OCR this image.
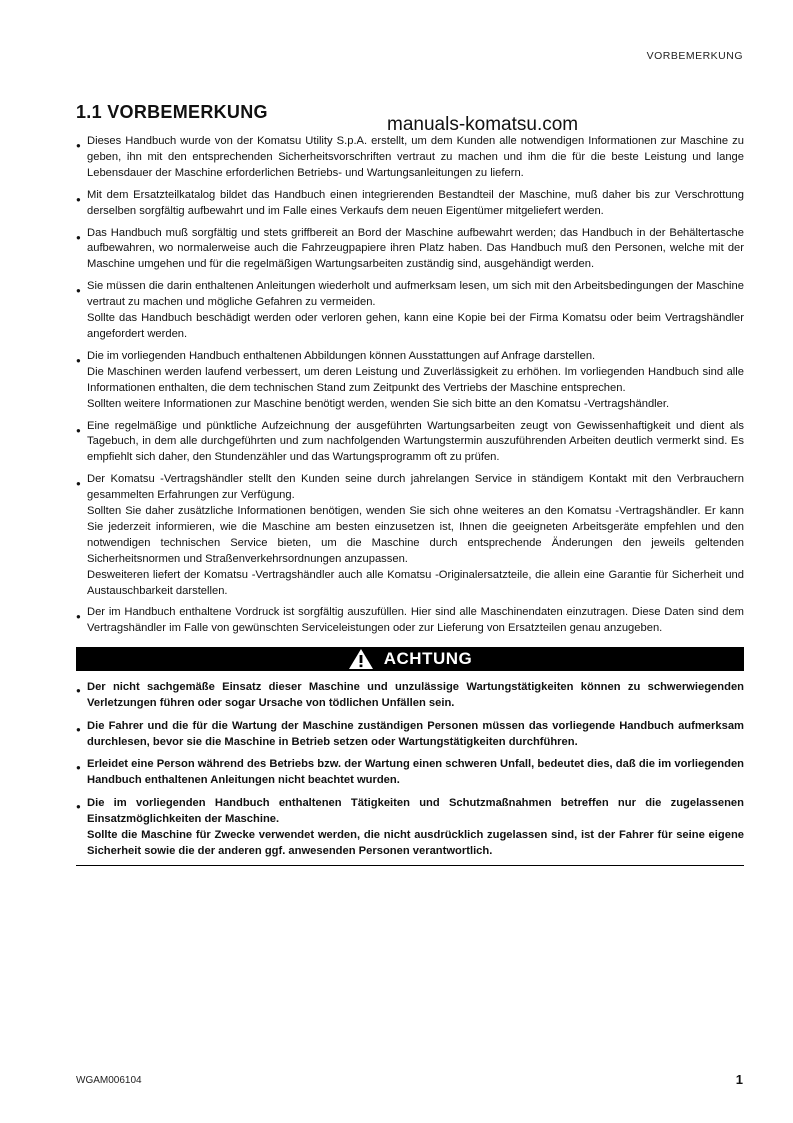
VORBEMERKUNG
1.1 VORBEMERKUNG
manuals-komatsu.com
● Dieses Handbuch wurde von der Komatsu Utility S.p.A. erstellt, um dem Kunden alle notwendigen Informationen zur Maschine zu geben, ihn mit den entsprechenden Sicherheitsvorschriften vertraut zu machen und ihm die für die beste Leistung und lange Lebensdauer der Maschine erforderlichen Betriebs- und Wartungsanleitungen zu liefern.
● Mit dem Ersatzteilkatalog bildet das Handbuch einen integrierenden Bestandteil der Maschine, muß daher bis zur Verschrottung derselben sorgfältig aufbewahrt und im Falle eines Verkaufs dem neuen Eigentümer mitgeliefert werden.
● Das Handbuch muß sorgfältig und stets griffbereit an Bord der Maschine aufbewahrt werden; das Handbuch in der Behältertasche aufbewahren, wo normalerweise auch die Fahrzeugpapiere ihren Platz haben. Das Handbuch muß den Personen, welche mit der Maschine umgehen und für die regelmäßigen Wartungsarbeiten zuständig sind, ausgehändigt werden.
● Sie müssen die darin enthaltenen Anleitungen wiederholt und aufmerksam lesen, um sich mit den Arbeitsbedingungen der Maschine vertraut zu machen und mögliche Gefahren zu vermeiden.
Sollte das Handbuch beschädigt werden oder verloren gehen, kann eine Kopie bei der Firma Komatsu oder beim Vertragshändler angefordert werden.
● Die im vorliegenden Handbuch enthaltenen Abbildungen können Ausstattungen auf Anfrage darstellen.
Die Maschinen werden laufend verbessert, um deren Leistung und Zuverlässigkeit zu erhöhen. Im vorliegenden Handbuch sind alle Informationen enthalten, die dem technischen Stand zum Zeitpunkt des Vertriebs der Maschine entsprechen.
Sollten weitere Informationen zur Maschine benötigt werden, wenden Sie sich bitte an den Komatsu -Vertragshändler.
● Eine regelmäßige und pünktliche Aufzeichnung der ausgeführten Wartungsarbeiten zeugt von Gewissenhaftigkeit und dient als Tagebuch, in dem alle durchgeführten und zum nachfolgenden Wartungstermin auszuführenden Arbeiten deutlich vermerkt sind. Es empfiehlt sich daher, den Stundenzähler und das Wartungsprogramm oft zu prüfen.
● Der Komatsu -Vertragshändler stellt den Kunden seine durch jahrelangen Service in ständigem Kontakt mit den Verbrauchern gesammelten Erfahrungen zur Verfügung.
Sollten Sie daher zusätzliche Informationen benötigen, wenden Sie sich ohne weiteres an den Komatsu -Vertragshändler. Er kann Sie jederzeit informieren, wie die Maschine am besten einzusetzen ist, Ihnen die geeigneten Arbeitsgeräte empfehlen und den notwendigen technischen Service bieten, um die Maschine durch entsprechende Änderungen den jeweils geltenden Sicherheitsnormen und Straßenverkehrsordnungen anzupassen.
Desweiteren liefert der Komatsu -Vertragshändler auch alle Komatsu -Originalersatzteile, die allein eine Garantie für Sicherheit und Austauschbarkeit darstellen.
● Der im Handbuch enthaltene Vordruck ist sorgfältig auszufüllen. Hier sind alle Maschinendaten einzutragen. Diese Daten sind dem Vertragshändler im Falle von gewünschten Serviceleistungen oder zur Lieferung von Ersatzteilen genau anzugeben.
ACHTUNG
● Der nicht sachgemäße Einsatz dieser Maschine und unzulässige Wartungstätigkeiten können zu schwerwiegenden Verletzungen führen oder sogar Ursache von tödlichen Unfällen sein.
● Die Fahrer und die für die Wartung der Maschine zuständigen Personen müssen das vorliegende Handbuch aufmerksam durchlesen, bevor sie die Maschine in Betrieb setzen oder Wartungstätigkeiten durchführen.
● Erleidet eine Person während des Betriebs bzw. der Wartung einen schweren Unfall, bedeutet dies, daß die im vorliegenden Handbuch enthaltenen Anleitungen nicht beachtet wurden.
● Die im vorliegenden Handbuch enthaltenen Tätigkeiten und Schutzmaßnahmen betreffen nur die zugelassenen Einsatzmöglichkeiten der Maschine.
Sollte die Maschine für Zwecke verwendet werden, die nicht ausdrücklich zugelassen sind, ist der Fahrer für seine eigene Sicherheit sowie die der anderen ggf. anwesenden Personen verantwortlich.
WGAM006104	1
